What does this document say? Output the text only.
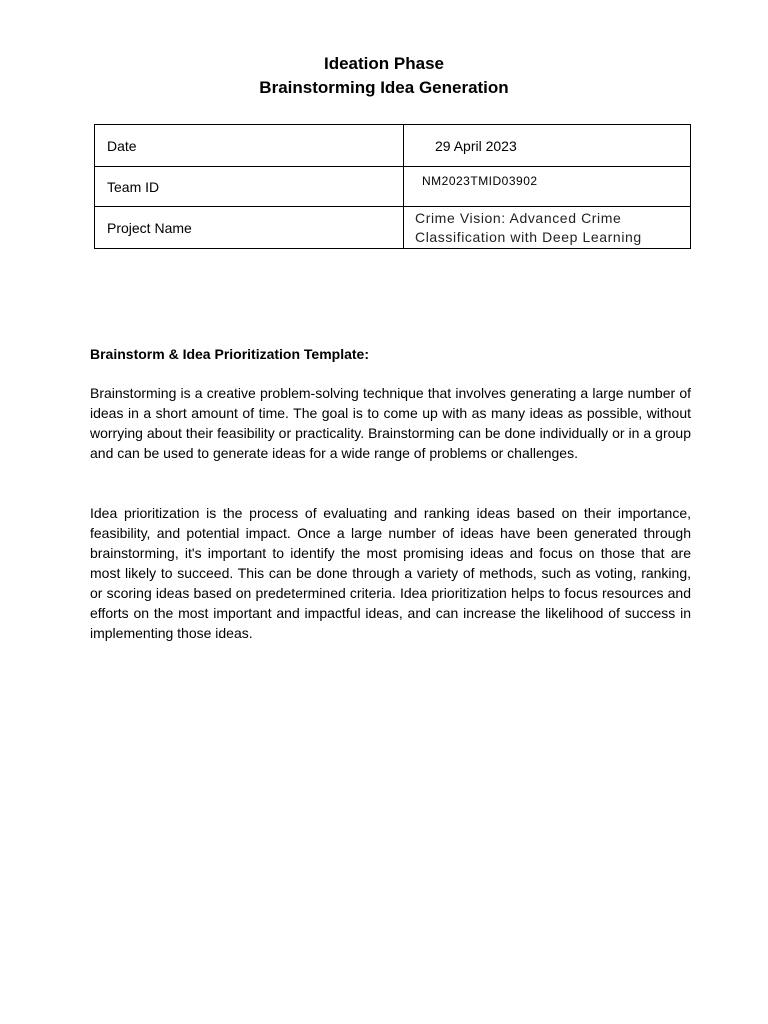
Ideation Phase
Brainstorming Idea Generation
Date	29 April 2023
Team ID	NM2023TMID03902
Project Name	Crime Vision: Advanced Crime Classification with Deep Learning
Brainstorm & Idea Prioritization Template:
Brainstorming is a creative problem-solving technique that involves generating a large number of ideas in a short amount of time. The goal is to come up with as many ideas as possible, without worrying about their feasibility or practicality. Brainstorming can be done individually or in a group and can be used to generate ideas for a wide range of problems or challenges.
Idea prioritization is the process of evaluating and ranking ideas based on their importance, feasibility, and potential impact. Once a large number of ideas have been generated through brainstorming, it's important to identify the most promising ideas and focus on those that are most likely to succeed. This can be done through a variety of methods, such as voting, ranking, or scoring ideas based on predetermined criteria. Idea prioritization helps to focus resources and efforts on the most important and impactful ideas, and can increase the likelihood of success in implementing those ideas.
